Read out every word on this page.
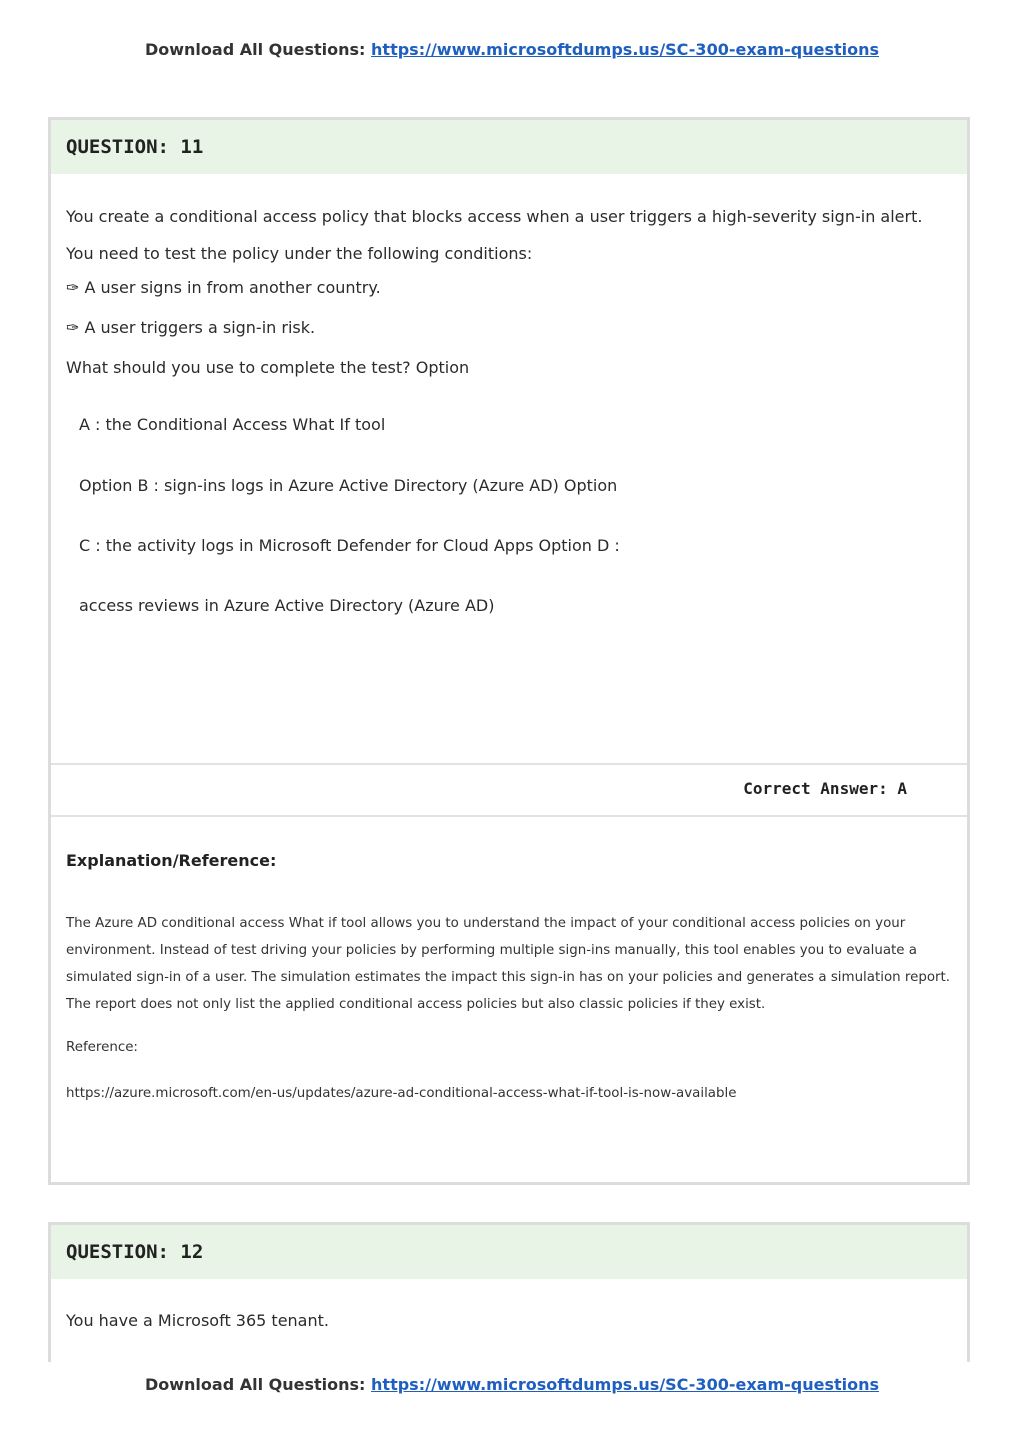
Download All Questions: https://www.microsoftdumps.us/SC-300-exam-questions
QUESTION: 11
You create a conditional access policy that blocks access when a user triggers a high-severity sign-in alert. You need to test the policy under the following conditions:
✑ A user signs in from another country.
✑ A user triggers a sign-in risk.
What should you use to complete the test? Option
A : the Conditional Access What If tool
Option B : sign-ins logs in Azure Active Directory (Azure AD) Option
C : the activity logs in Microsoft Defender for Cloud Apps Option D :
access reviews in Azure Active Directory (Azure AD)
Correct Answer: A
Explanation/Reference:
The Azure AD conditional access What if tool allows you to understand the impact of your conditional access policies on your environment. Instead of test driving your policies by performing multiple sign-ins manually, this tool enables you to evaluate a simulated sign-in of a user. The simulation estimates the impact this sign-in has on your policies and generates a simulation report. The report does not only list the applied conditional access policies but also classic policies if they exist.
Reference:
https://azure.microsoft.com/en-us/updates/azure-ad-conditional-access-what-if-tool-is-now-available
QUESTION: 12
You have a Microsoft 365 tenant.
Download All Questions: https://www.microsoftdumps.us/SC-300-exam-questions
